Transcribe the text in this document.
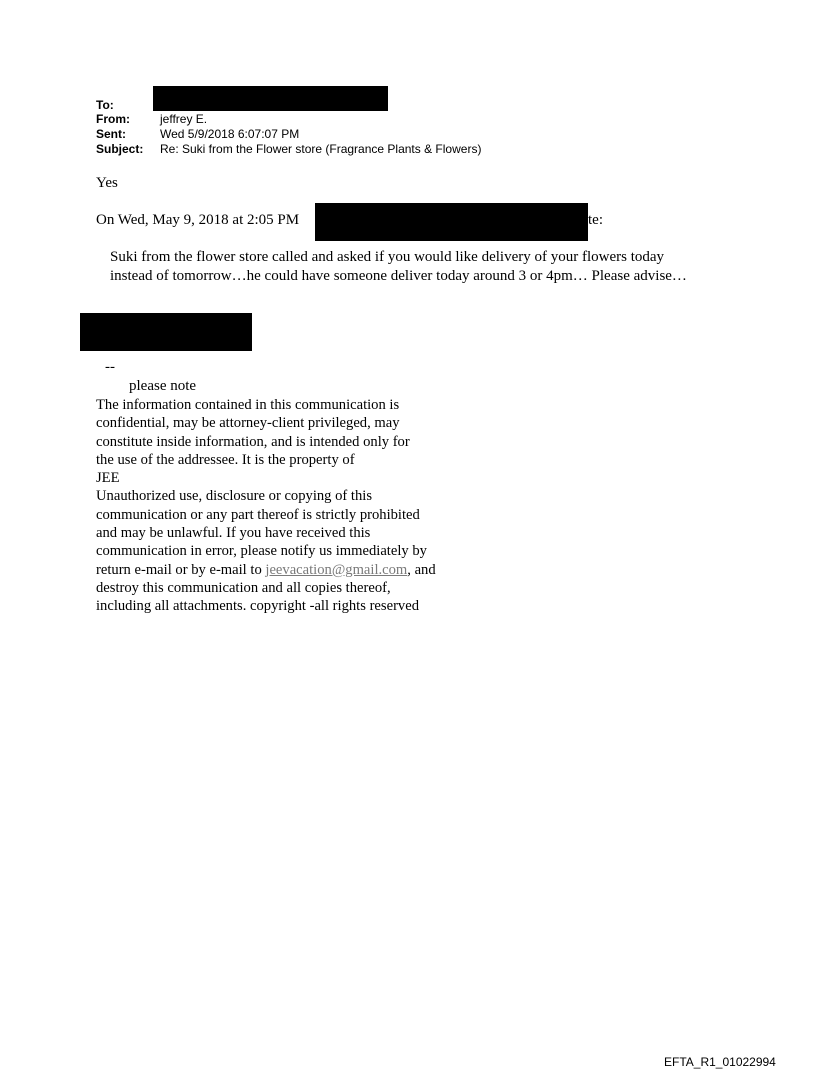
To:
From:	jeffrey E.
Sent:	Wed 5/9/2018 6:07:07 PM
Subject: Re: Suki from the Flower store (Fragrance Plants & Flowers)
Yes
On Wed, May 9, 2018 at 2:05 PM	te:
Suki from the flower store called and asked if you would like delivery of your flowers today instead of tomorrow…he could have someone deliver today around 3 or 4pm… Please advise…
--
please note
The information contained in this communication is
confidential, may be attorney-client privileged, may
constitute inside information, and is intended only for
the use of the addressee. It is the property of
JEE
Unauthorized use, disclosure or copying of this
communication or any part thereof is strictly prohibited
and may be unlawful. If you have received this
communication in error, please notify us immediately by
return e-mail or by e-mail to jeevacation@gmail.com, and
destroy this communication and all copies thereof,
including all attachments. copyright -all rights reserved
EFTA_R1_01022994
